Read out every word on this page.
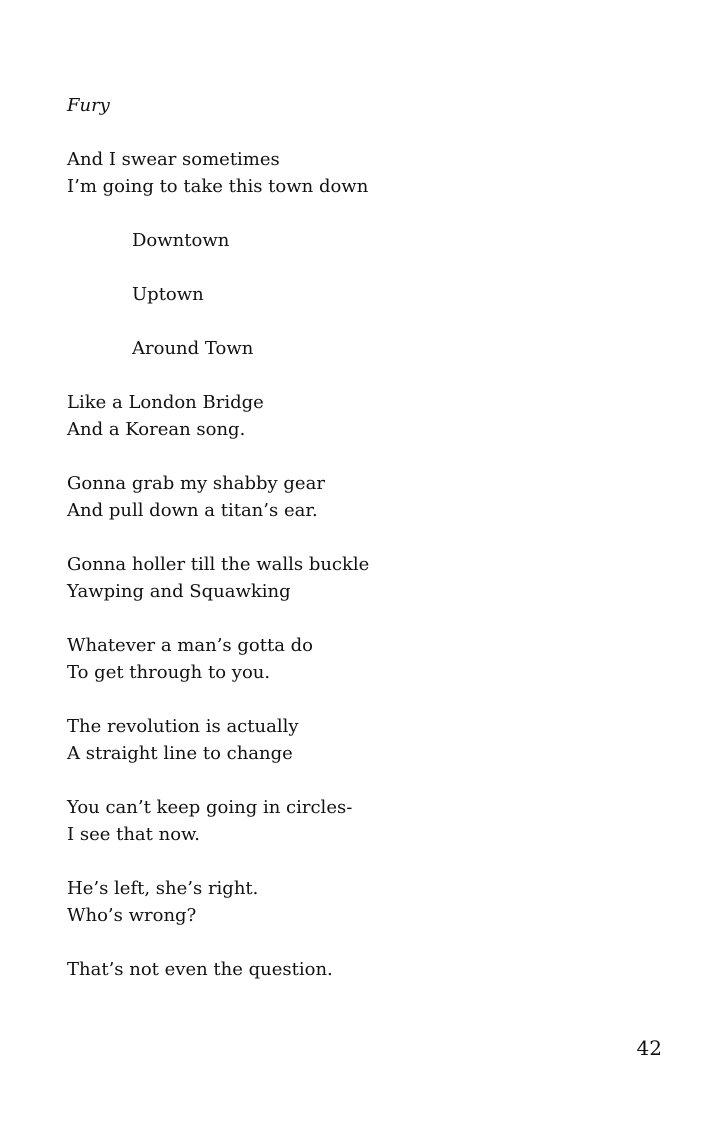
Fury
And I swear sometimes
I’m going to take this town down
Downtown
Uptown
Around Town
Like a London Bridge
And a Korean song.
Gonna grab my shabby gear
And pull down a titan’s ear.
Gonna holler till the walls buckle
Yawping and Squawking
Whatever a man’s gotta do
To get through to you.
The revolution is actually
A straight line to change
You can’t keep going in circles-
I see that now.
He’s left, she’s right.
Who’s wrong?
That’s not even the question.
42
